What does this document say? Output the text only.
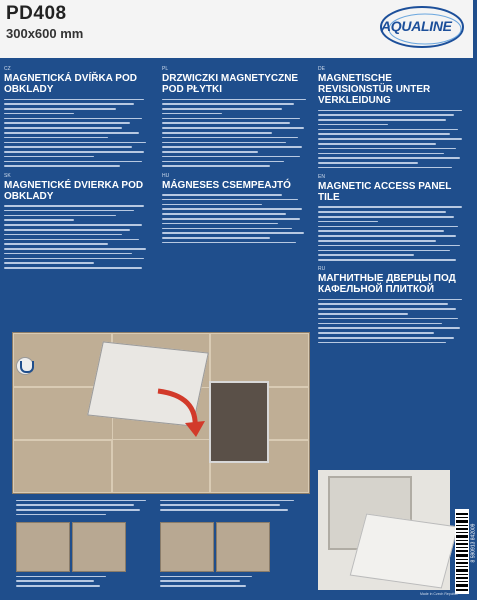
PD408
300x600 mm	AQUALINE
CZ
MAGNETICKÁ DVÍŘKA POD OBKLADY
SK
MAGNETICKÉ DVIERKA POD OBKLADY
PL
DRZWICZKI MAGNETYCZNE POD PŁYTKI
HU
MÁGNESES CSEMPEAJTÓ
DE
MAGNETISCHE REVISIONSTÜR UNTER VERKLEIDUNG
EN
MAGNETIC ACCESS PANEL TILE
RU
МАГНИТНЫЕ ДВЕРЦЫ ПОД КАФЕЛЬНОЙ ПЛИТКОЙ
8 590913 842009
Made in Czech Republic
